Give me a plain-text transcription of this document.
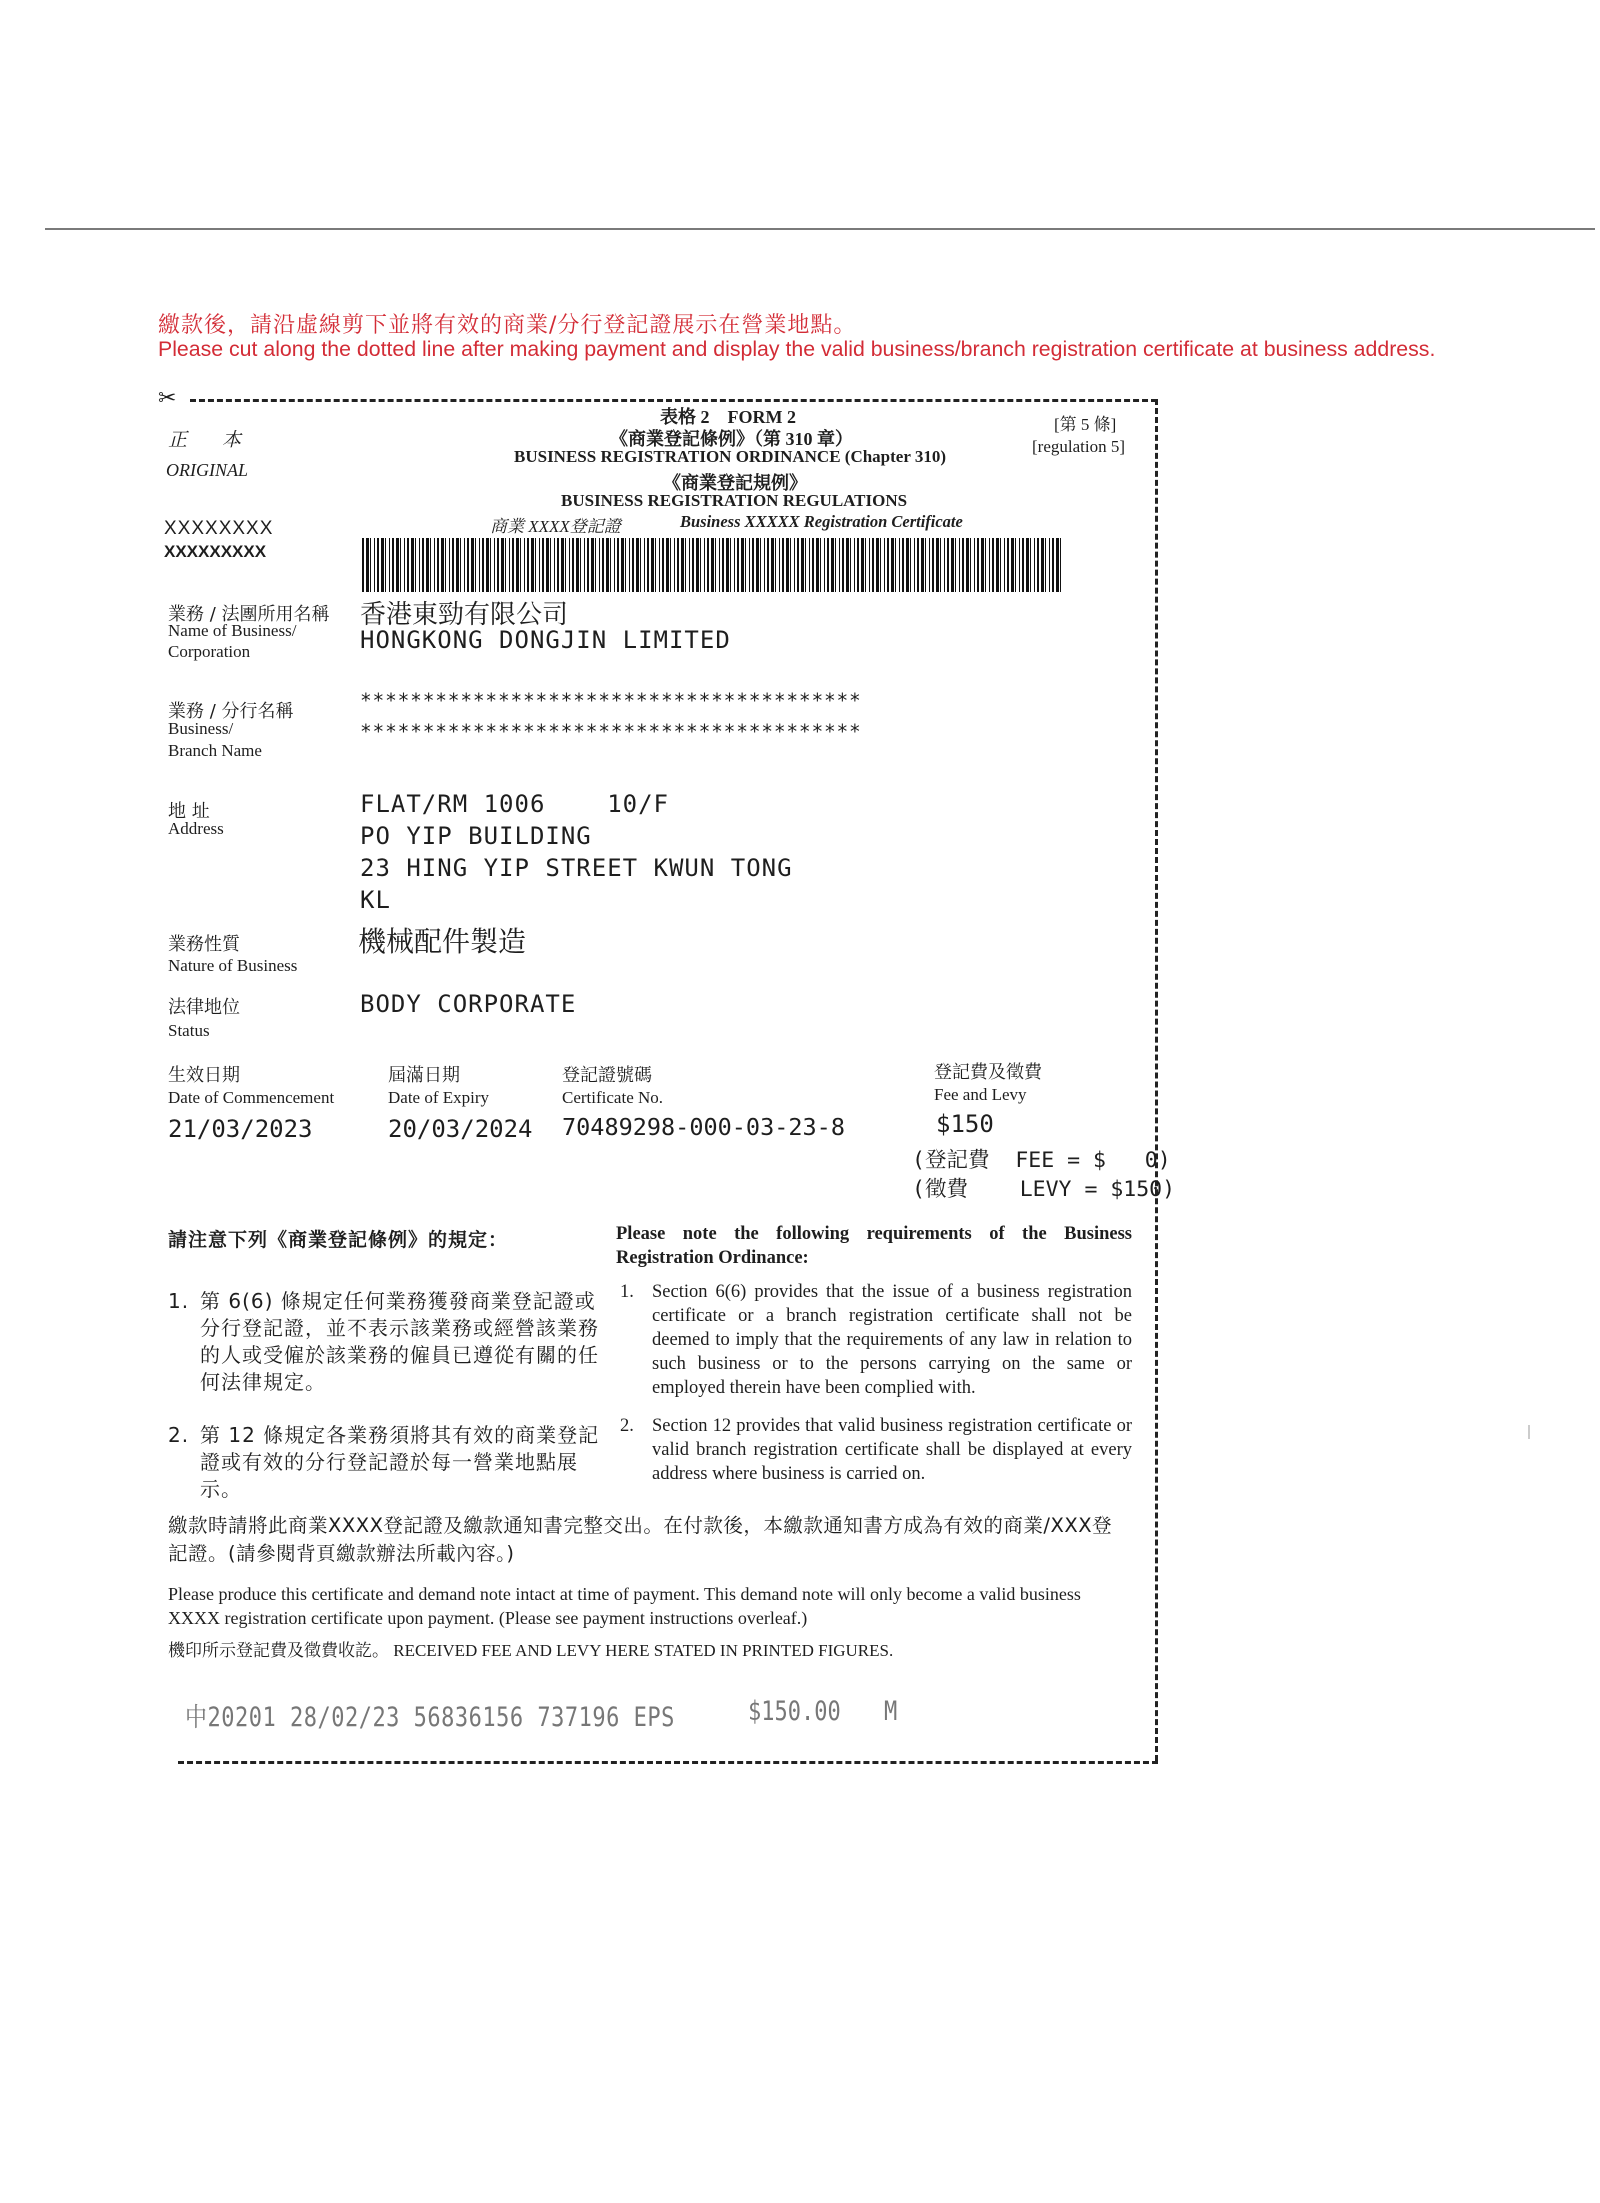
繳款後，請沿虛線剪下並將有效的商業/分行登記證展示在營業地點。
Please cut along the dotted line after making payment and display the valid business/branch registration certificate at business address.
✂
正　本
ORIGINAL
表格 2　FORM 2
《商業登記條例》（第 310 章）
BUSINESS REGISTRATION ORDINANCE (Chapter 310)
《商業登記規例》
BUSINESS REGISTRATION REGULATIONS
商業 XXXX登記證	Business XXXXX Registration Certificate
[第 5 條]
[regulation 5]
XXXXXXXX
XXXXXXXXX
業務 / 法團所用名稱
Name of Business/
Corporation
香港東勁有限公司
HONGKONG DONGJIN LIMITED
業務 / 分行名稱
Business/
Branch Name
****************************************
****************************************
地 址
Address
FLAT/RM 1006    10/F
PO YIP BUILDING
23 HING YIP STREET KWUN TONG
KL
業務性質
Nature of Business
機械配件製造
法律地位
Status
BODY CORPORATE
生效日期
Date of Commencement
21/03/2023
屆滿日期
Date of Expiry
20/03/2024
登記證號碼
Certificate No.
70489298-000-03-23-8
登記費及徵費
Fee and Levy
$150
(登記費  FEE = $   0)
(徵費    LEVY = $150)
請注意下列《商業登記條例》的規定：	Please note the following requirements of the Business Registration Ordinance:
1. 第 6(6) 條規定任何業務獲發商業登記證或分行登記證，並不表示該業務或經營該業務的人或受僱於該業務的僱員已遵從有關的任何法律規定。
1. Section 6(6) provides that the issue of a business registration certificate or a branch registration certificate shall not be deemed to imply that the requirements of any law in relation to such business or to the persons carrying on the same or employed therein have been complied with.
2. 第 12 條規定各業務須將其有效的商業登記證或有效的分行登記證於每一營業地點展示。
2. Section 12 provides that valid business registration certificate or valid branch registration certificate shall be displayed at every address where business is carried on.
繳款時請將此商業XXXX登記證及繳款通知書完整交出。在付款後，本繳款通知書方成為有效的商業/XXX登記證。(請參閱背頁繳款辦法所載內容。)
Please produce this certificate and demand note intact at time of payment. This demand note will only become a valid business XXXX registration certificate upon payment. (Please see payment instructions overleaf.)
機印所示登記費及徵費收訖。 RECEIVED FEE AND LEVY HERE STATED IN PRINTED FIGURES.
中20201 28/02/23 56836156 737196 EPS	$150.00 M
